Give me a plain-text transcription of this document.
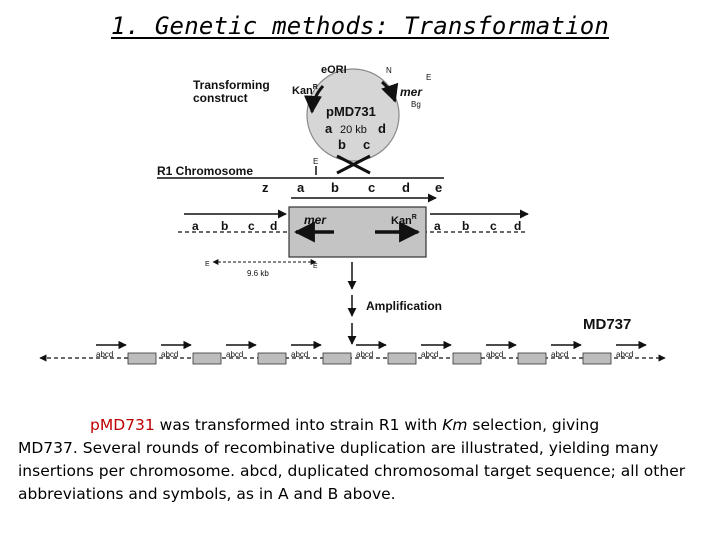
1. Genetic methods: Transformation
Transforming
construct
eORI
Kan$^R$
N
E
mer
Bg
pMD731
a 20 kb d
b c
R1 Chromosome
E
z a b c d e
a b c d	a b c d
mer	Kan$^R$
E	E
9.6 kb
Amplification
MD737
abcd	abcd	abcd	abcd	abcd	abcd	abcd	abcd	abcd
pMD731 was transformed into strain R1 with Km selection, giving
MD737. Several rounds of recombinative duplication are illustrated, yielding many insertions per chromosome. abcd, duplicated chromosomal target sequence; all other abbreviations and symbols, as in A and B above.
